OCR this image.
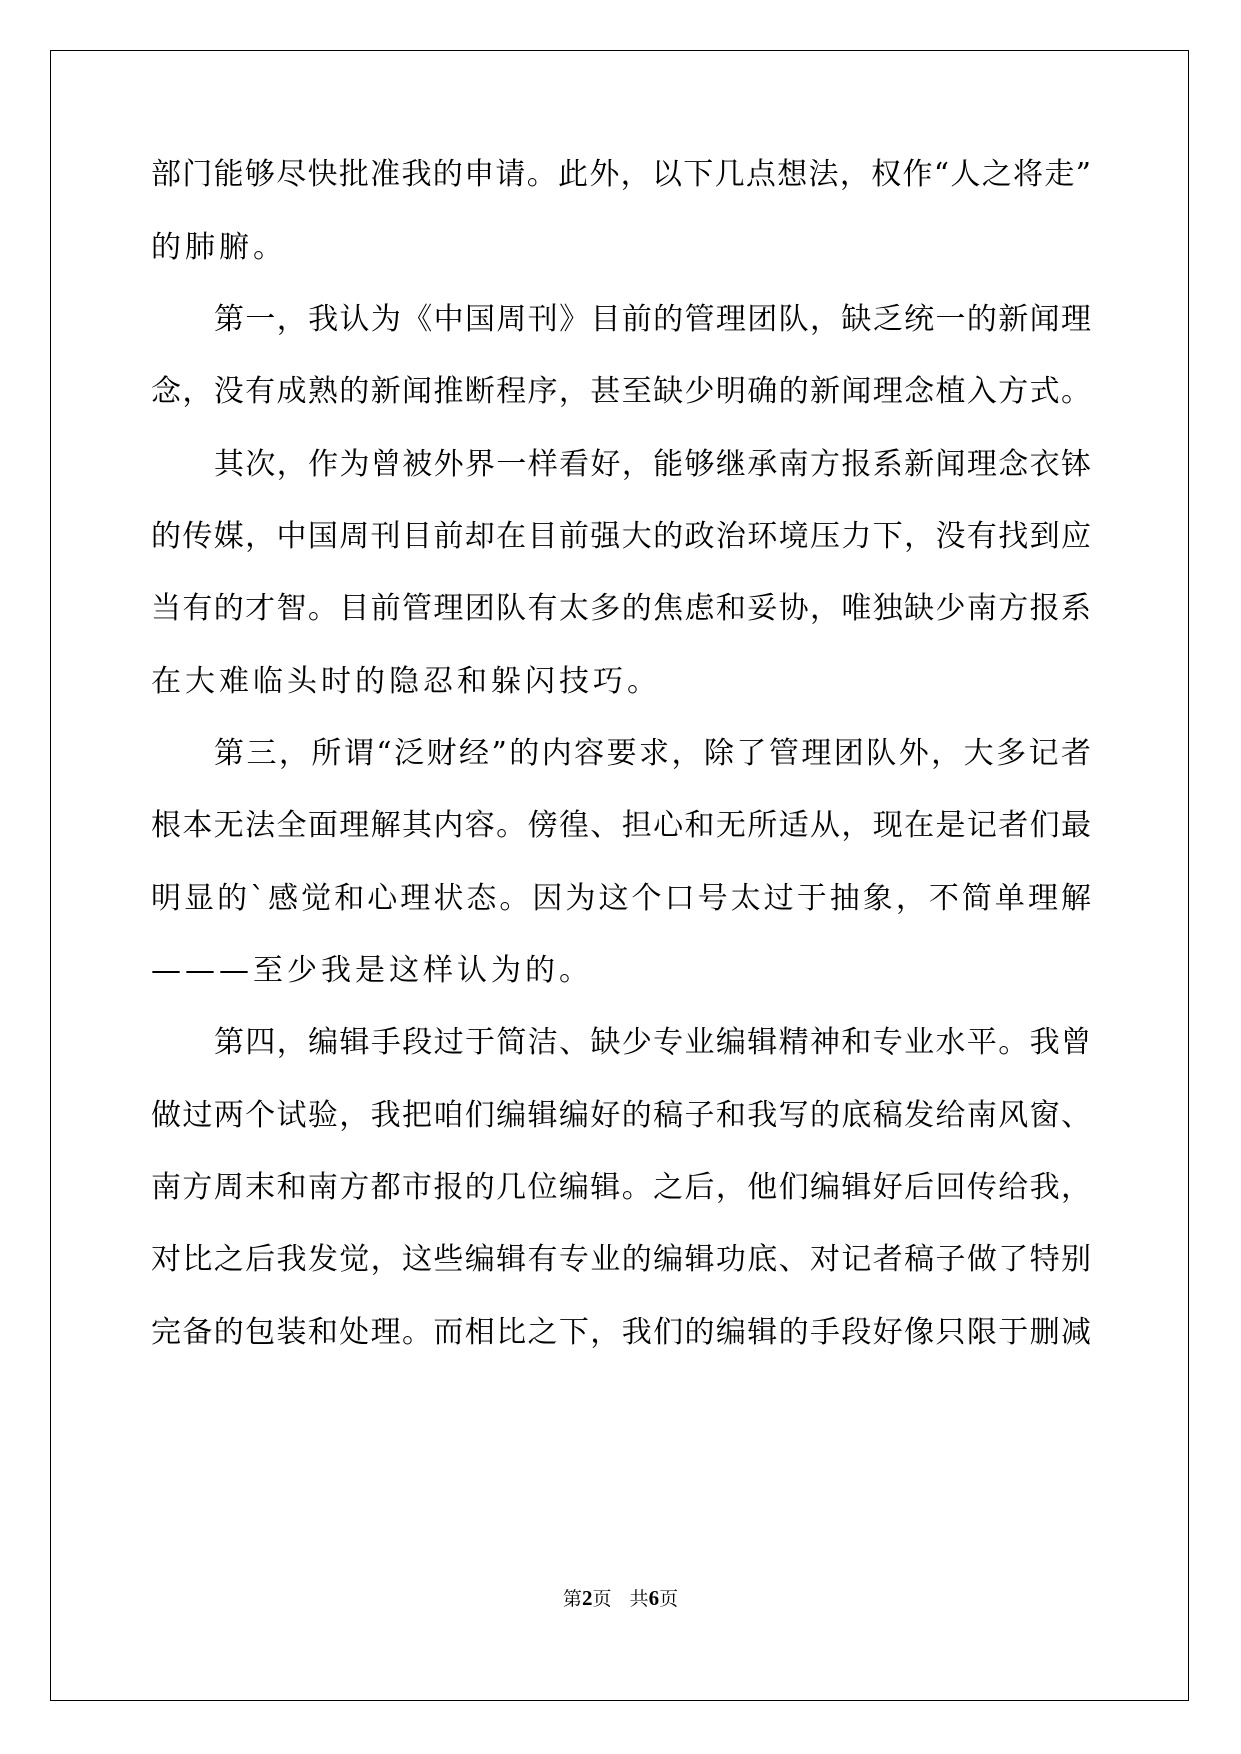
部门能够尽快批准我的申请。此外，以下几点想法，权作“人之将走”
的肺腑。
第一，我认为《中国周刊》目前的管理团队，缺乏统一的新闻理
念，没有成熟的新闻推断程序，甚至缺少明确的新闻理念植入方式。
其次，作为曾被外界一样看好，能够继承南方报系新闻理念衣钵
的传媒，中国周刊目前却在目前强大的政治环境压力下，没有找到应
当有的才智。目前管理团队有太多的焦虑和妥协，唯独缺少南方报系
在大难临头时的隐忍和躲闪技巧。
第三，所谓“泛财经”的内容要求，除了管理团队外，大多记者
根本无法全面理解其内容。傍徨、担心和无所适从，现在是记者们最
明显的`感觉和心理状态。因为这个口号太过于抽象，不简单理解
———至少我是这样认为的。
第四，编辑手段过于简洁、缺少专业编辑精神和专业水平。我曾
做过两个试验，我把咱们编辑编好的稿子和我写的底稿发给南风窗、
南方周末和南方都市报的几位编辑。之后，他们编辑好后回传给我，
对比之后我发觉，这些编辑有专业的编辑功底、对记者稿子做了特别
完备的包装和处理。而相比之下，我们的编辑的手段好像只限于删减
第2页   共6页
